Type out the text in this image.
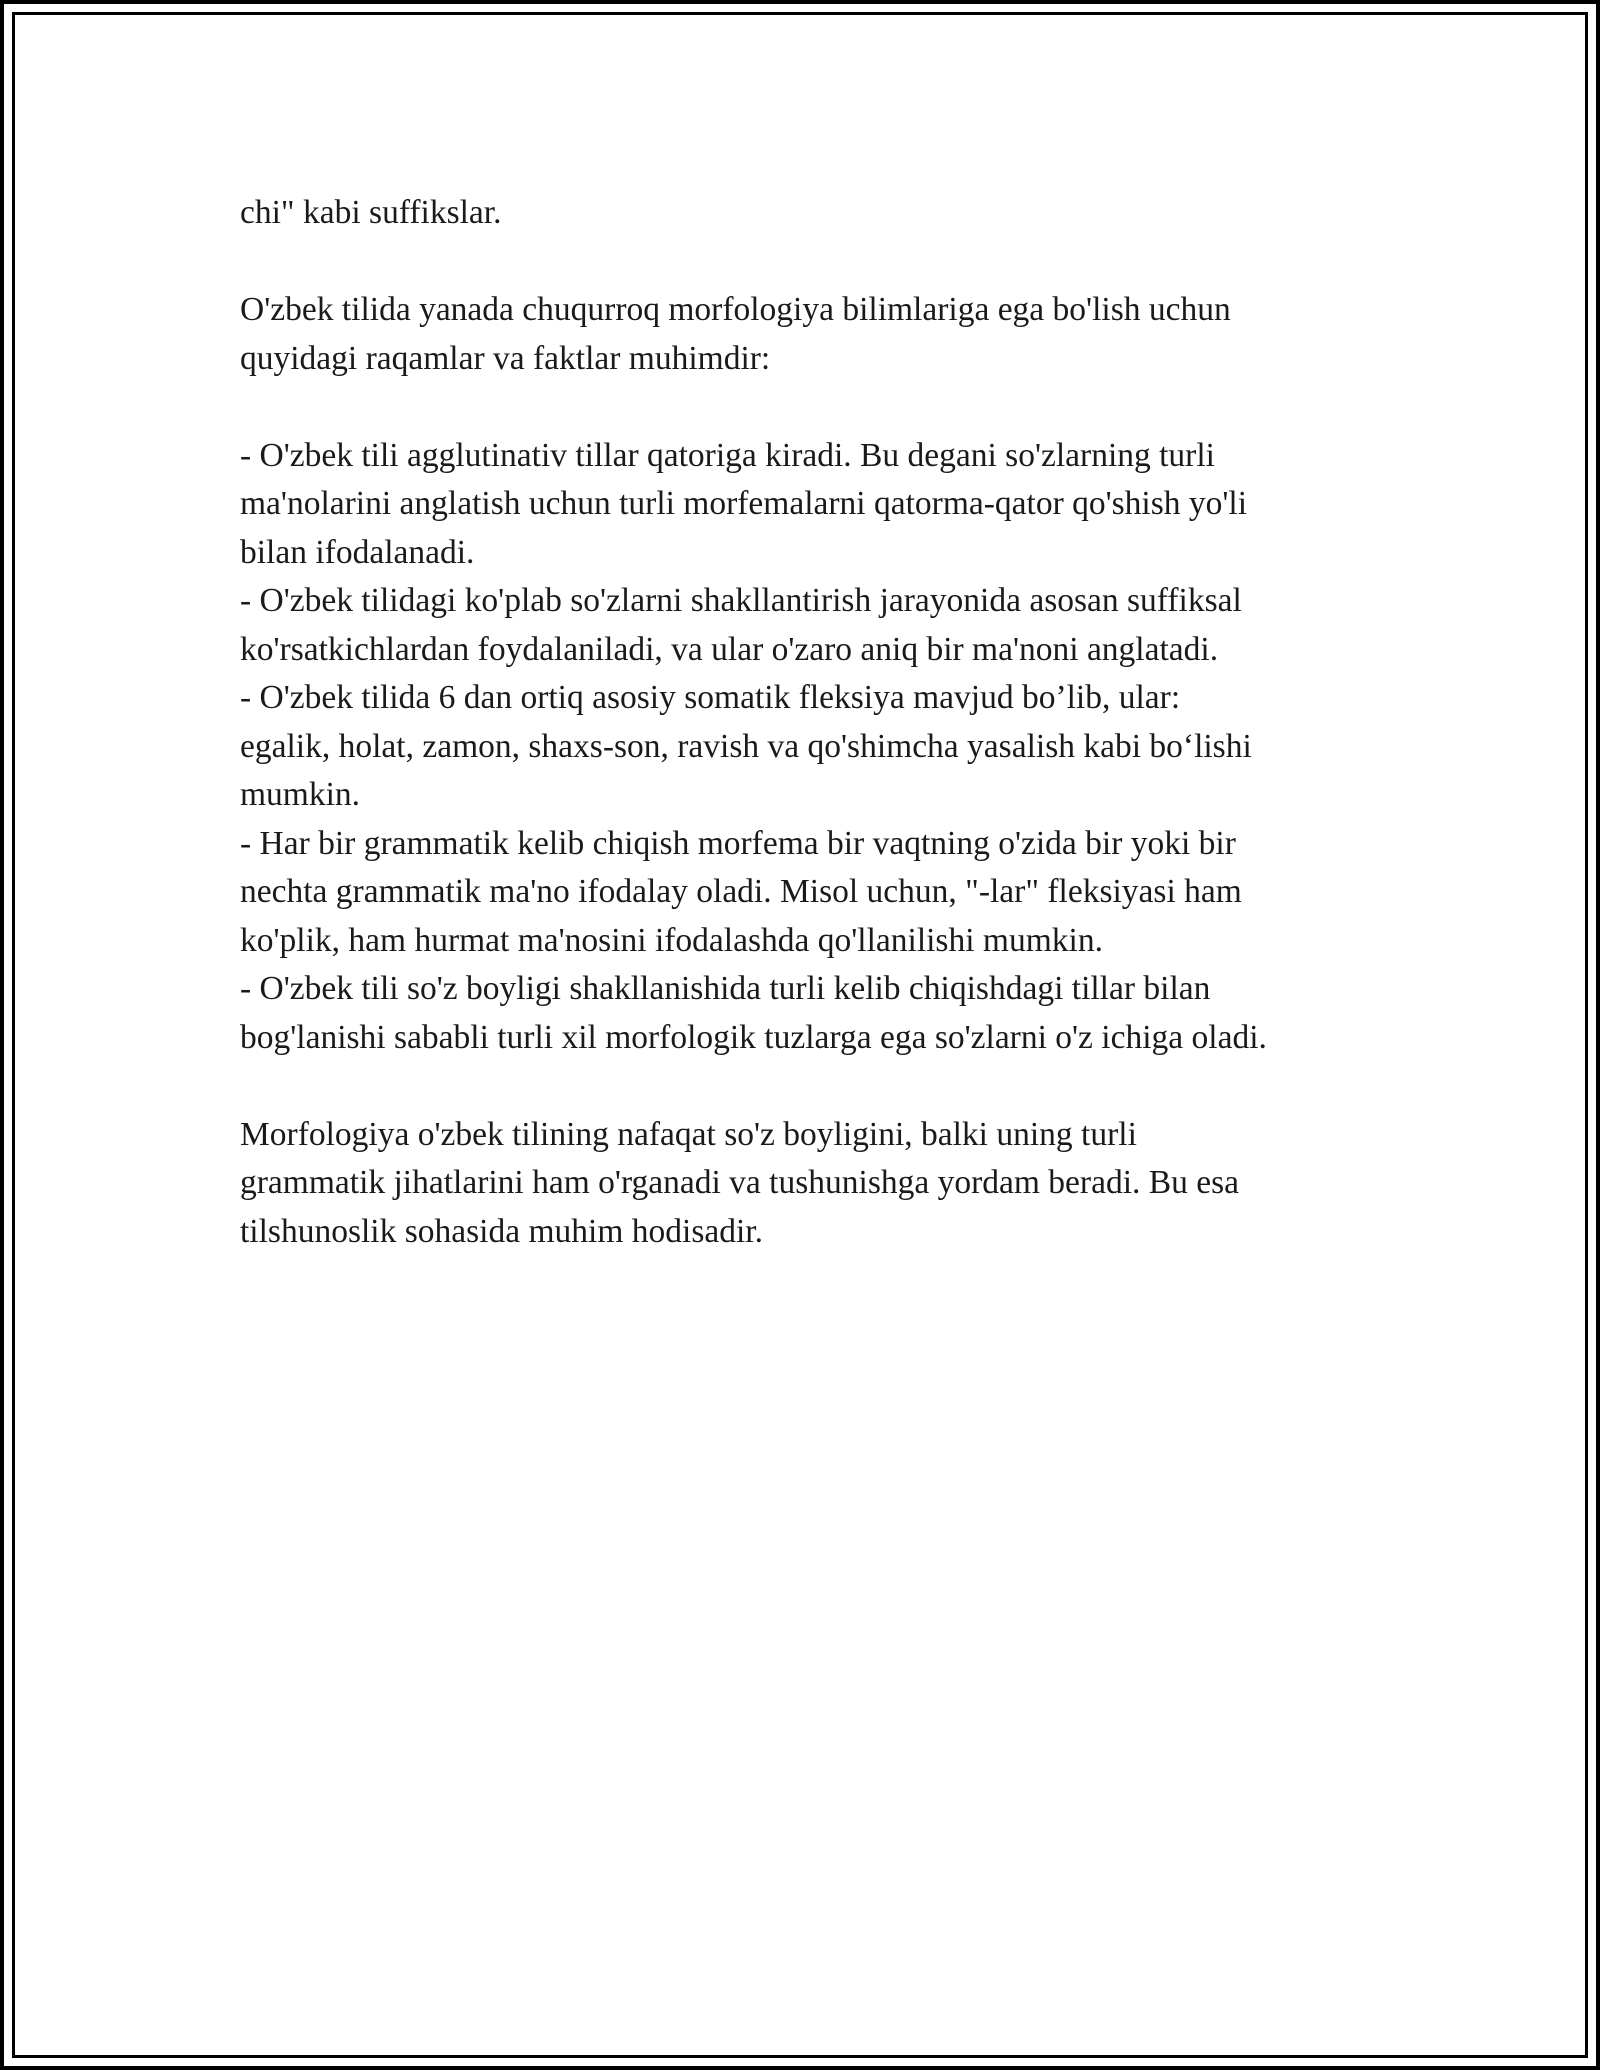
chi" kabi suffikslar.

O'zbek tilida yanada chuqurroq morfologiya bilimlariga ega bo'lish uchun
quyidagi raqamlar va faktlar muhimdir:

- O'zbek tili agglutinativ tillar qatoriga kiradi. Bu degani so'zlarning turli
ma'nolarini anglatish uchun turli morfemalarni qatorma-qator qo'shish yo'li
bilan ifodalanadi.
- O'zbek tilidagi ko'plab so'zlarni shakllantirish jarayonida asosan suffiksal
ko'rsatkichlardan foydalaniladi, va ular o'zaro aniq bir ma'noni anglatadi.
- O'zbek tilida 6 dan ortiq asosiy somatik fleksiya mavjud bo’lib, ular:
egalik, holat, zamon, shaxs-son, ravish va qo'shimcha yasalish kabi bo‘lishi
mumkin.
- Har bir grammatik kelib chiqish morfema bir vaqtning o'zida bir yoki bir
nechta grammatik ma'no ifodalay oladi. Misol uchun, "-lar" fleksiyasi ham
ko'plik, ham hurmat ma'nosini ifodalashda qo'llanilishi mumkin.
- O'zbek tili so'z boyligi shakllanishida turli kelib chiqishdagi tillar bilan
bog'lanishi sababli turli xil morfologik tuzlarga ega so'zlarni o'z ichiga oladi.

Morfologiya o'zbek tilining nafaqat so'z boyligini, balki uning turli
grammatik jihatlarini ham o'rganadi va tushunishga yordam beradi. Bu esa
tilshunoslik sohasida muhim hodisadir.
